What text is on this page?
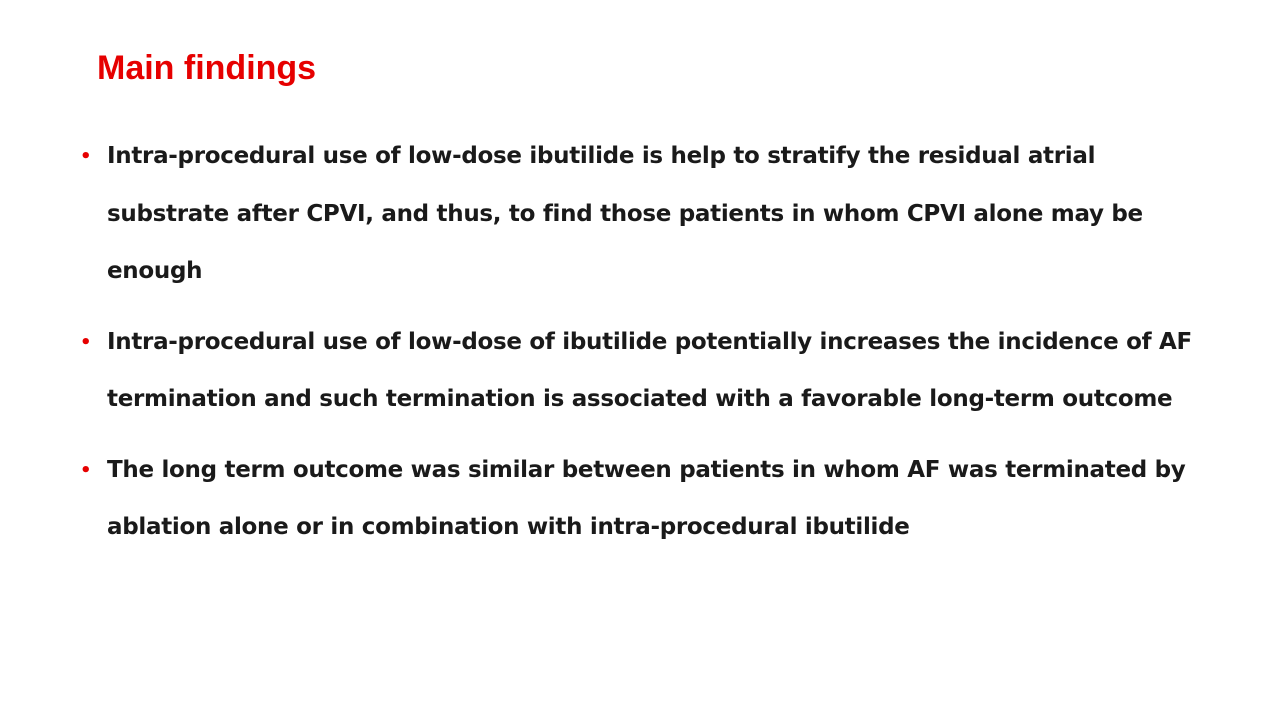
Main findings
• Intra-procedural use of low-dose ibutilide is help to stratify the residual atrial substrate after CPVI, and thus, to find those patients in whom CPVI alone may be enough
• Intra-procedural use of low-dose of ibutilide potentially increases the incidence of AF termination and such termination is associated with a favorable long-term outcome
• The long term outcome was similar between patients in whom AF was terminated by ablation alone or in combination with intra-procedural ibutilide
